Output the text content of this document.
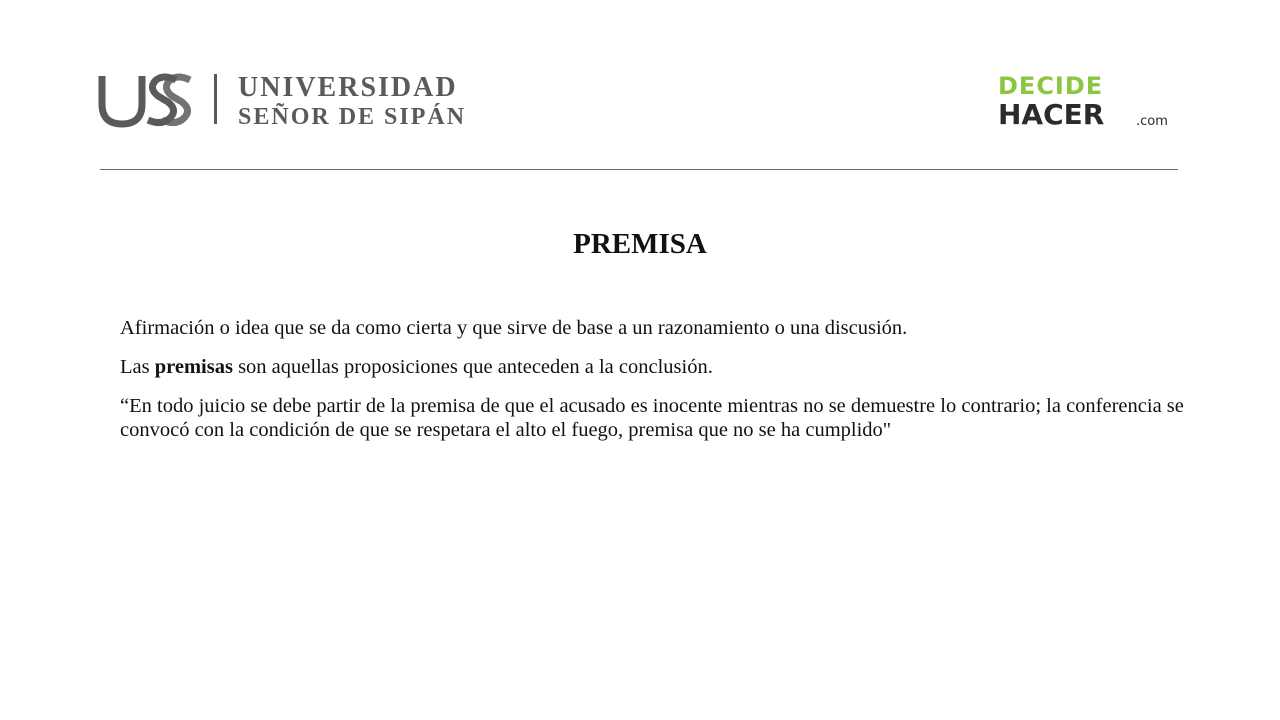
UNIVERSIDAD
SEÑOR DE SIPÁN
DECIDE
HACER .com
PREMISA

Afirmación o idea que se da como cierta y que sirve de base a un razonamiento o una discusión.

Las premisas son aquellas proposiciones que anteceden a la conclusión.

“En todo juicio se debe partir de la premisa de que el acusado es inocente mientras no se demuestre lo contrario; la conferencia se convocó con la condición de que se respetara el alto el fuego, premisa que no se ha cumplido"
